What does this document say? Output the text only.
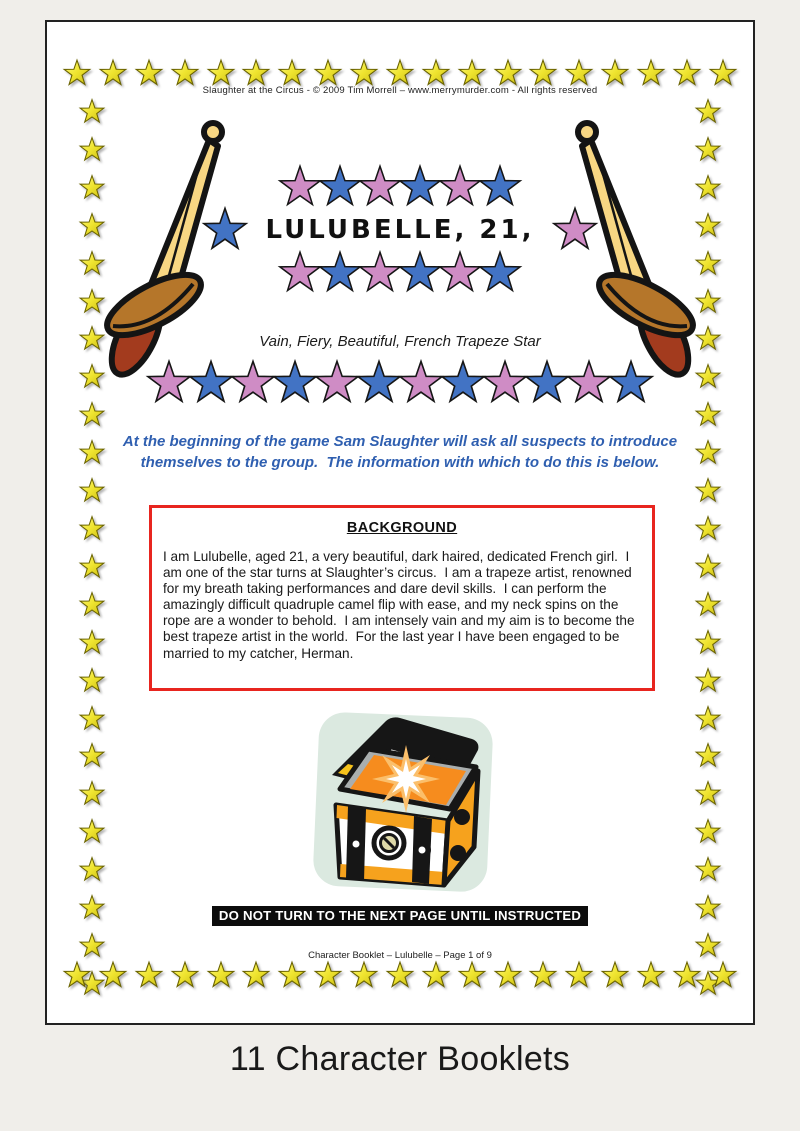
Slaughter at the Circus - © 2009 Tim Morrell – www.merrymurder.com - All rights reserved
LULUBELLE, 21,
Vain, Fiery, Beautiful, French Trapeze Star
At the beginning of the game Sam Slaughter will ask all suspects to introduce themselves to the group.  The information with which to do this is below.
BACKGROUND
I am Lulubelle, aged 21, a very beautiful, dark haired, dedicated French girl.  I am one of the star turns at Slaughter’s circus.  I am a trapeze artist, renowned for my breath taking performances and dare devil skills.  I can perform the amazingly difficult quadruple camel flip with ease, and my neck spins on the rope are a wonder to behold.  I am intensely vain and my aim is to become the best trapeze artist in the world.  For the last year I have been engaged to be married to my catcher, Herman.
DO NOT TURN TO THE NEXT PAGE UNTIL INSTRUCTED
Character Booklet – Lulubelle – Page 1 of 9
11 Character Booklets
